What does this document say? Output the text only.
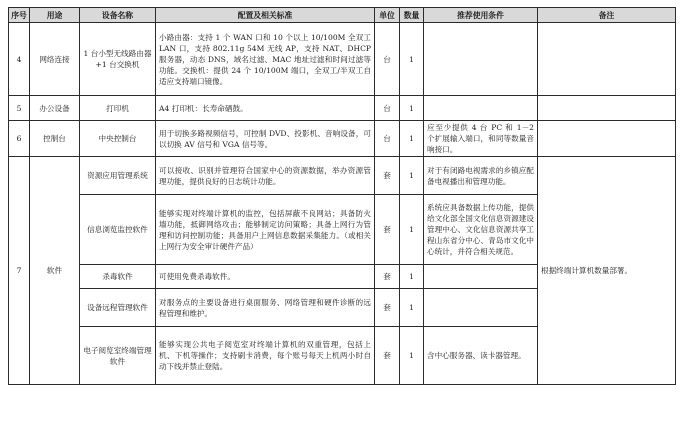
序号	用途	设备名称	配置及相关标准	单位	数量	推荐使用条件	备注
4	网络连接	1 台小型无线路由器+1 台交换机	小路由器：支持 1 个 WAN 口和 10 个以上 10/100M 全双工 LAN 口，支持 802.11g 54M 无线 AP，支持 NAT、DHCP 服务器，动态 DNS，域名过滤、MAC 地址过滤和时间过滤等功能。交换机：提供 24 个 10/100M 端口，全双工/半双工自适应支持端口镜像。	台	1		
5	办公设备	打印机	A4 打印机：长寿命硒鼓。	台	1		
6	控制台	中央控制台	用于切换多路视频信号，可控制 DVD、投影机、音响设备，可以切换 AV 信号和 VGA 信号等。	台	1	应至少提供 4 台 PC 和 1－2 个扩展输入端口，和同等数量音响接口。	
7	软件	资源应用管理系统	可以接收、识别并管理符合国家中心的资源数据，举办资源管理功能，提供良好的日志统计功能。	套	1	对于有闭路电视需求的乡镇应配备电视播出和管理功能。	根据终端计算机数量部署。
		信息浏览监控软件	能够实现对终端计算机的监控，包括屏蔽不良网站；具备防火墙功能，抵御网络攻击；能够制定访问策略；具备上网行为管理和访问控制功能；具备用户上网信息数据采集能力。（或相关上网行为安全审计硬件产品）	套	1	系统应具备数据上传功能，提供给文化部全国文化信息资源建设管理中心、文化信息资源共享工程山东省分中心、青岛市文化中心统计，并符合相关规范。	
		杀毒软件	可使用免费杀毒软件。	套	1		
		设备远程管理软件	对服务点的主要设备进行桌面服务、网络管理和硬件诊断的远程管理和维护。	套	1		
		电子阅览室终端管理软件	能够实现公共电子阅览室对终端计算机的双重管理，包括上机、下机等操作；支持刷卡消费，每个账号每天上机两小时自动下线并禁止登陆。	套	1	含中心服务器、读卡器管理。	
